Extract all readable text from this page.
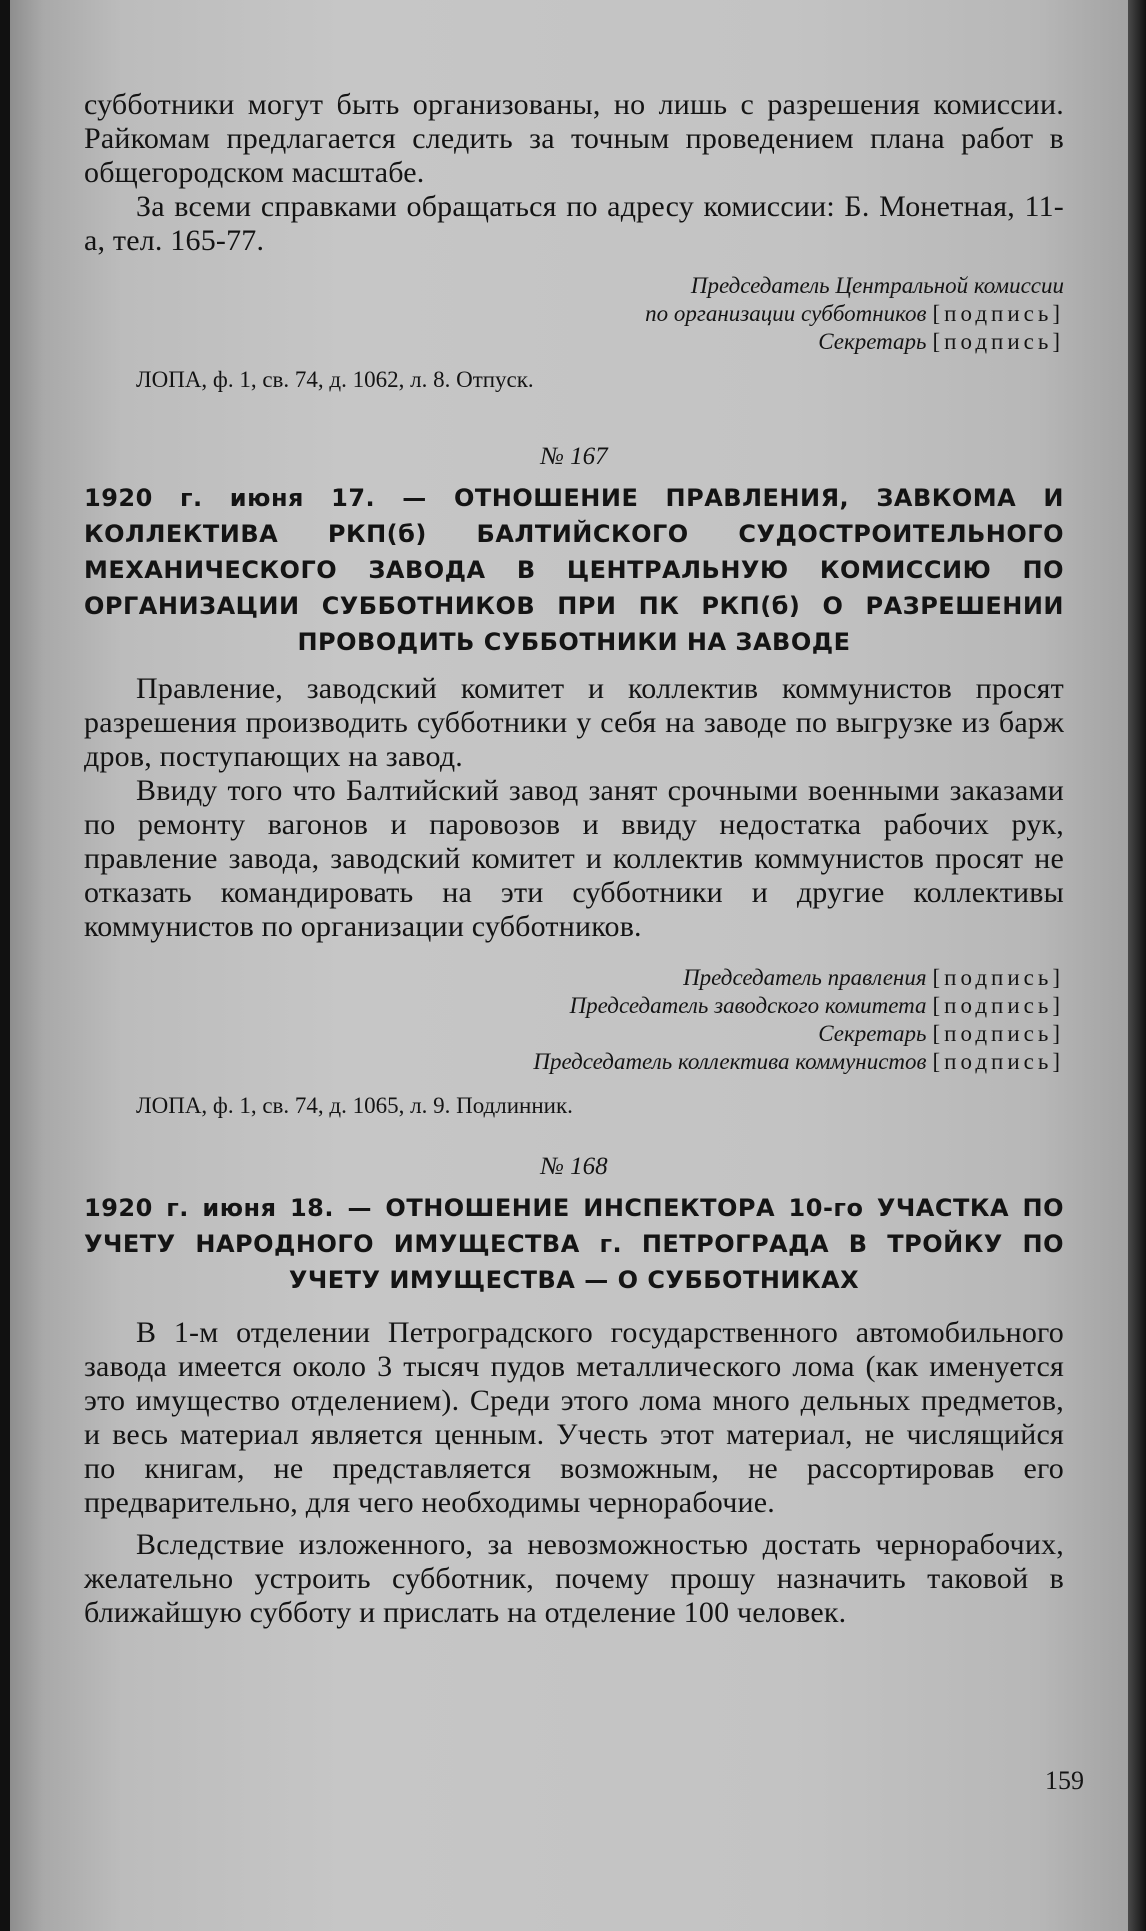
субботники могут быть организованы, но лишь с разрешения комиссии. Райкомам предлагается следить за точным проведением плана работ в общегородском масштабе.

За всеми справками обращаться по адресу комиссии: Б. Монетная, 11-а, тел. 165-77.

Председатель Центральной комиссии

по организации субботников [подпись]

Секретарь [подпись]

ЛОПА, ф. 1, св. 74, д. 1062, л. 8. Отпуск.

№ 167

1920 г. июня 17. — ОТНОШЕНИЕ ПРАВЛЕНИЯ, ЗАВКОМА И КОЛЛЕКТИВА РКП(б) БАЛТИЙСКОГО СУДОСТРОИТЕЛЬНОГО МЕХАНИЧЕСКОГО ЗАВОДА В ЦЕНТРАЛЬНУЮ КОМИССИЮ ПО ОРГАНИЗАЦИИ СУББОТНИКОВ ПРИ ПК РКП(б) О РАЗРЕШЕНИИ ПРОВОДИТЬ СУББОТНИКИ НА ЗАВОДЕ

Правление, заводский комитет и коллектив коммунистов просят разрешения производить субботники у себя на заводе по выгрузке из барж дров, поступающих на завод.

Ввиду того что Балтийский завод занят срочными военными заказами по ремонту вагонов и паровозов и ввиду недостатка рабочих рук, правление завода, заводский комитет и коллектив коммунистов просят не отказать командировать на эти субботники и другие коллективы коммунистов по организации субботников.

Председатель правления [подпись]

Председатель заводского комитета [подпись]

Секретарь [подпись]

Председатель коллектива коммунистов [подпись]

ЛОПА, ф. 1, св. 74, д. 1065, л. 9. Подлинник.

№ 168

1920 г. июня 18. — ОТНОШЕНИЕ ИНСПЕКТОРА 10-го УЧАСТКА ПО УЧЕТУ НАРОДНОГО ИМУЩЕСТВА г. ПЕТРОГРАДА В ТРОЙКУ ПО УЧЕТУ ИМУЩЕСТВА — О СУББОТНИКАХ

В 1-м отделении Петроградского государственного автомобильного завода имеется около 3 тысяч пудов металлического лома (как именуется это имущество отделением). Среди этого лома много дельных предметов, и весь материал является ценным. Учесть этот материал, не числящийся по книгам, не представляется возможным, не рассортировав его предварительно, для чего необходимы чернорабочие.

Вследствие изложенного, за невозможностью достать чернорабочих, желательно устроить субботник, почему прошу назначить таковой в ближайшую субботу и прислать на отделение 100 человек.

159
